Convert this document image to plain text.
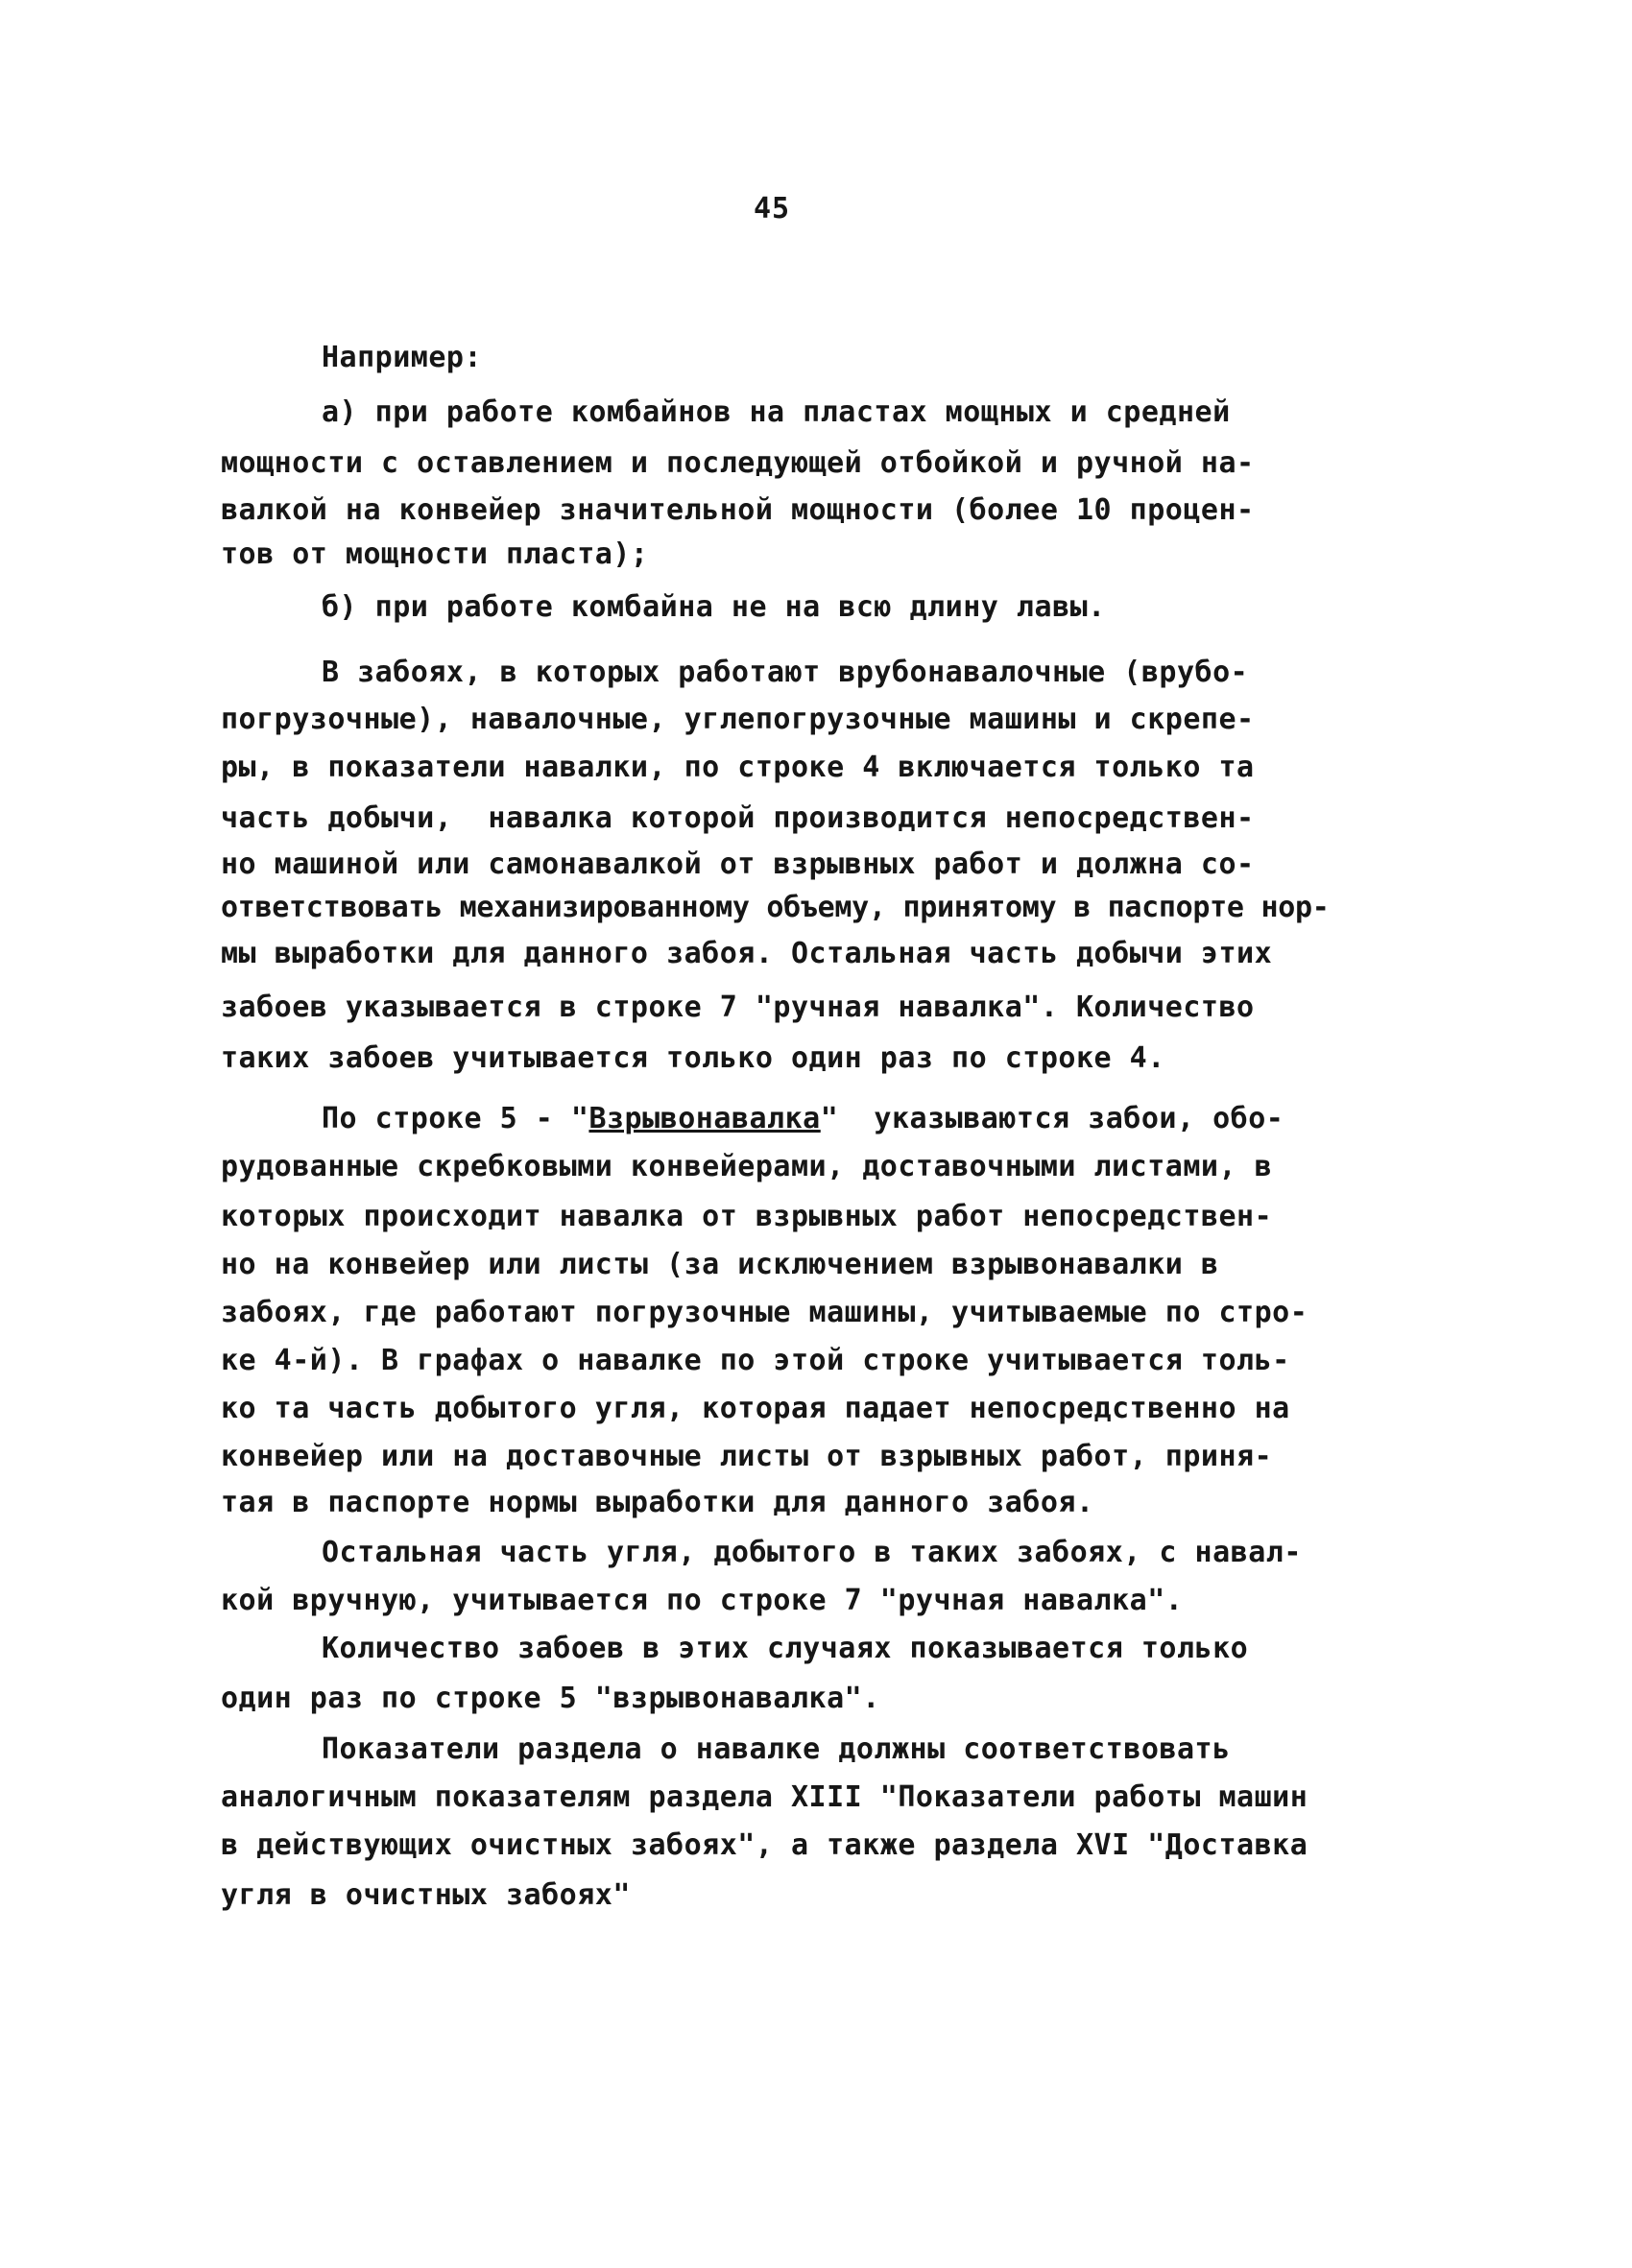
45
Например:
а) при работе комбайнов на пластах мощных и средней
мощности с оставлением и последующей отбойкой и ручной на-
валкой на конвейер значительной мощности (более 10 процен-
тов от мощности пласта);
б) при работе комбайна не на всю длину лавы.
В забоях, в которых работают врубонавалочные (врубо-
погрузочные), навалочные, углепогрузочные машины и скрепе-
ры, в показатели навалки, по строке 4 включается только та
часть добычи,  навалка которой производится непосредствен-
но машиной или самонавалкой от взрывных работ и должна со-
ответствовать механизированному объему, принятому в паспорте нор-
мы выработки для данного забоя. Остальная часть добычи этих
забоев указывается в строке 7 "ручная навалка". Количество
таких забоев учитывается только один раз по строке 4.
По строке 5 - "Взрывонавалка"  указываются забои, обо-
рудованные скребковыми конвейерами, доставочными листами, в
которых происходит навалка от взрывных работ непосредствен-
но на конвейер или листы (за исключением взрывонавалки в
забоях, где работают погрузочные машины, учитываемые по стро-
ке 4-й). В графах о навалке по этой строке учитывается толь-
ко та часть добытого угля, которая падает непосредственно на
конвейер или на доставочные листы от взрывных работ, приня-
тая в паспорте нормы выработки для данного забоя.
Остальная часть угля, добытого в таких забоях, с навал-
кой вручную, учитывается по строке 7 "ручная навалка".
Количество забоев в этих случаях показывается только
один раз по строке 5 "взрывонавалка".
Показатели раздела о навалке должны соответствовать
аналогичным показателям раздела XIII "Показатели работы машин
в действующих очистных забоях", а также раздела XVI "Доставка
угля в очистных забоях"
